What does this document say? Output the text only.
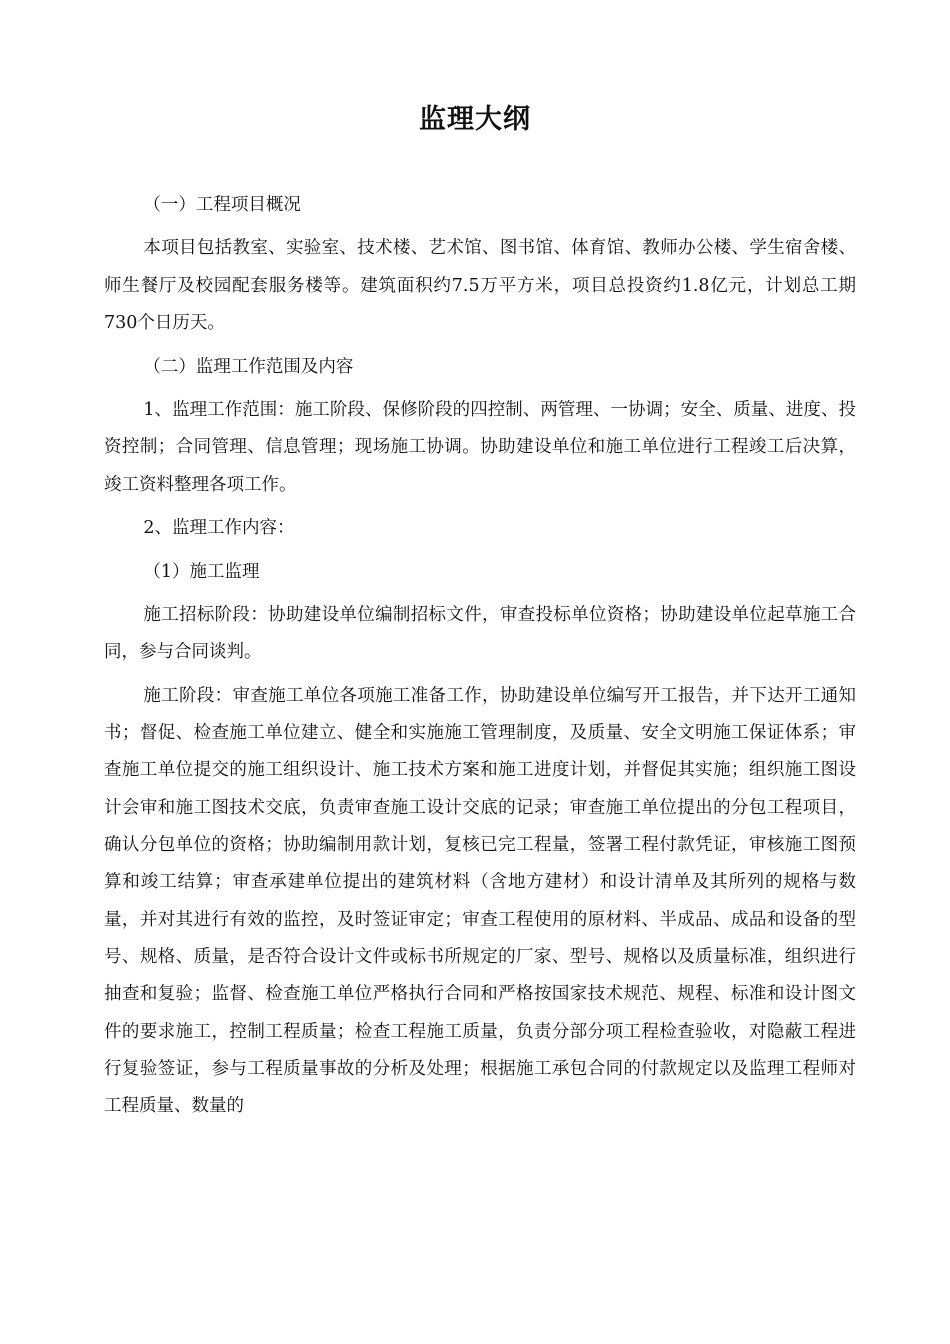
监理大纲

（一）工程项目概况

本项目包括教室、实验室、技术楼、艺术馆、图书馆、体育馆、教师办公楼、学生宿舍楼、师生餐厅及校园配套服务楼等。建筑面积约7.5万平方米，项目总投资约1.8亿元，计划总工期730个日历天。

（二）监理工作范围及内容

1、监理工作范围：施工阶段、保修阶段的四控制、两管理、一协调；安全、质量、进度、投资控制；合同管理、信息管理；现场施工协调。协助建设单位和施工单位进行工程竣工后决算，竣工资料整理各项工作。

2、监理工作内容：

（1）施工监理

施工招标阶段：协助建设单位编制招标文件，审查投标单位资格；协助建设单位起草施工合同，参与合同谈判。

施工阶段：审查施工单位各项施工准备工作，协助建设单位编写开工报告，并下达开工通知书；督促、检查施工单位建立、健全和实施施工管理制度，及质量、安全文明施工保证体系；审查施工单位提交的施工组织设计、施工技术方案和施工进度计划，并督促其实施；组织施工图设计会审和施工图技术交底，负责审查施工设计交底的记录；审查施工单位提出的分包工程项目，确认分包单位的资格；协助编制用款计划，复核已完工程量，签署工程付款凭证，审核施工图预算和竣工结算；审查承建单位提出的建筑材料（含地方建材）和设计清单及其所列的规格与数量，并对其进行有效的监控，及时签证审定；审查工程使用的原材料、半成品、成品和设备的型号、规格、质量，是否符合设计文件或标书所规定的厂家、型号、规格以及质量标准，组织进行抽查和复验；监督、检查施工单位严格执行合同和严格按国家技术规范、规程、标准和设计图文件的要求施工，控制工程质量；检查工程施工质量，负责分部分项工程检查验收，对隐蔽工程进行复验签证，参与工程质量事故的分析及处理；根据施工承包合同的付款规定以及监理工程师对工程质量、数量的
